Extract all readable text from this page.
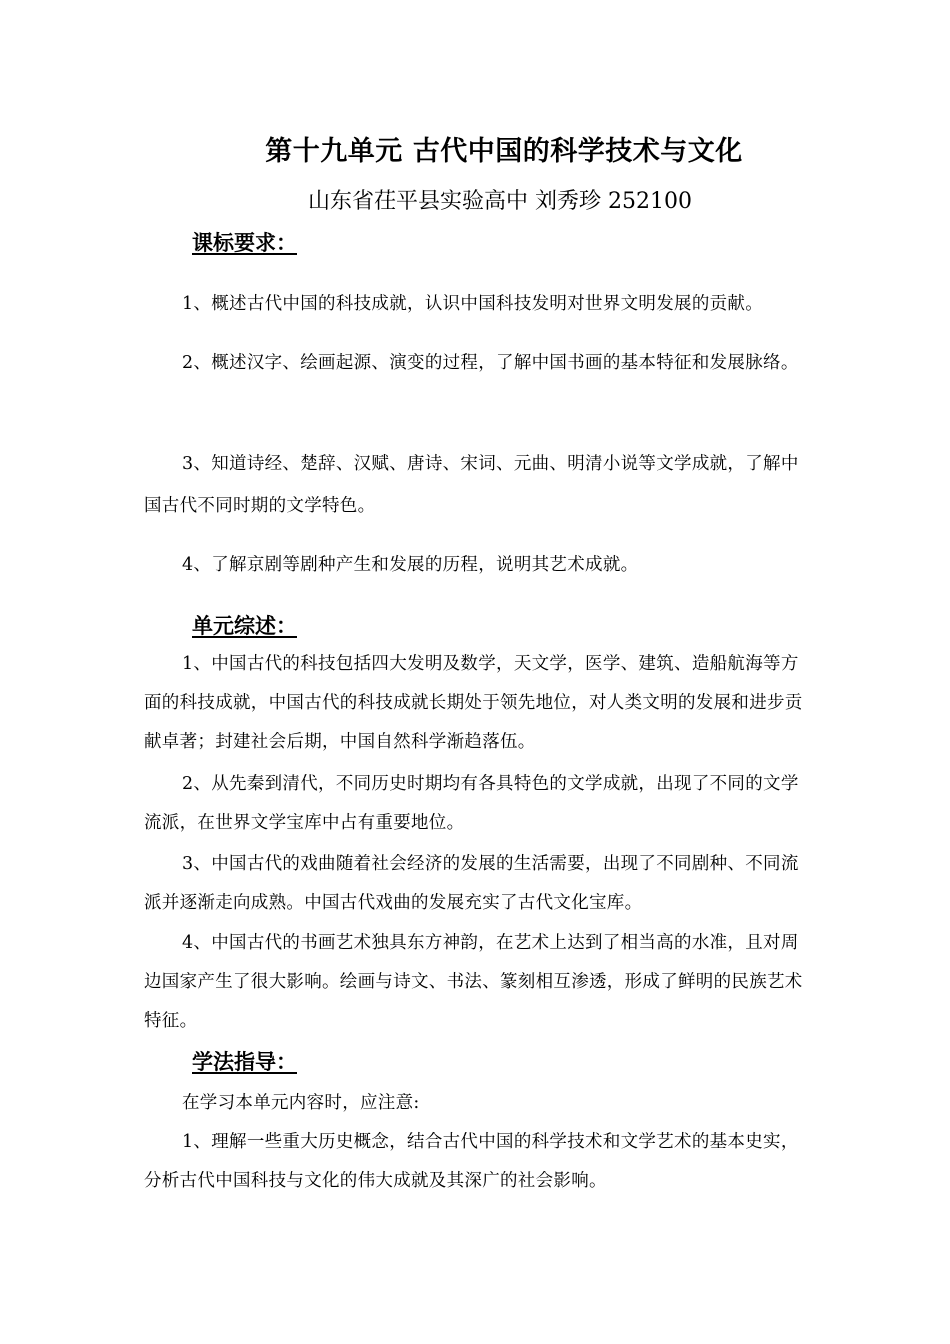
第十九单元 古代中国的科学技术与文化
山东省茌平县实验高中 刘秀珍 252100
课标要求：

1、概述古代中国的科技成就，认识中国科技发明对世界文明发展的贡献。

2、概述汉字、绘画起源、演变的过程，了解中国书画的基本特征和发展脉络。

3、知道诗经、楚辞、汉赋、唐诗、宋词、元曲、明清小说等文学成就，了解中国古代不同时期的文学特色。

4、了解京剧等剧种产生和发展的历程，说明其艺术成就。

单元综述：

1、中国古代的科技包括四大发明及数学，天文学，医学、建筑、造船航海等方面的科技成就，中国古代的科技成就长期处于领先地位，对人类文明的发展和进步贡献卓著；封建社会后期，中国自然科学渐趋落伍。

2、从先秦到清代，不同历史时期均有各具特色的文学成就，出现了不同的文学流派，在世界文学宝库中占有重要地位。

3、中国古代的戏曲随着社会经济的发展的生活需要，出现了不同剧种、不同流派并逐渐走向成熟。中国古代戏曲的发展充实了古代文化宝库。

4、中国古代的书画艺术独具东方神韵，在艺术上达到了相当高的水准，且对周边国家产生了很大影响。绘画与诗文、书法、篆刻相互渗透，形成了鲜明的民族艺术特征。

学法指导：

在学习本单元内容时，应注意:

1、理解一些重大历史概念，结合古代中国的科学技术和文学艺术的基本史实，分析古代中国科技与文化的伟大成就及其深广的社会影响。
